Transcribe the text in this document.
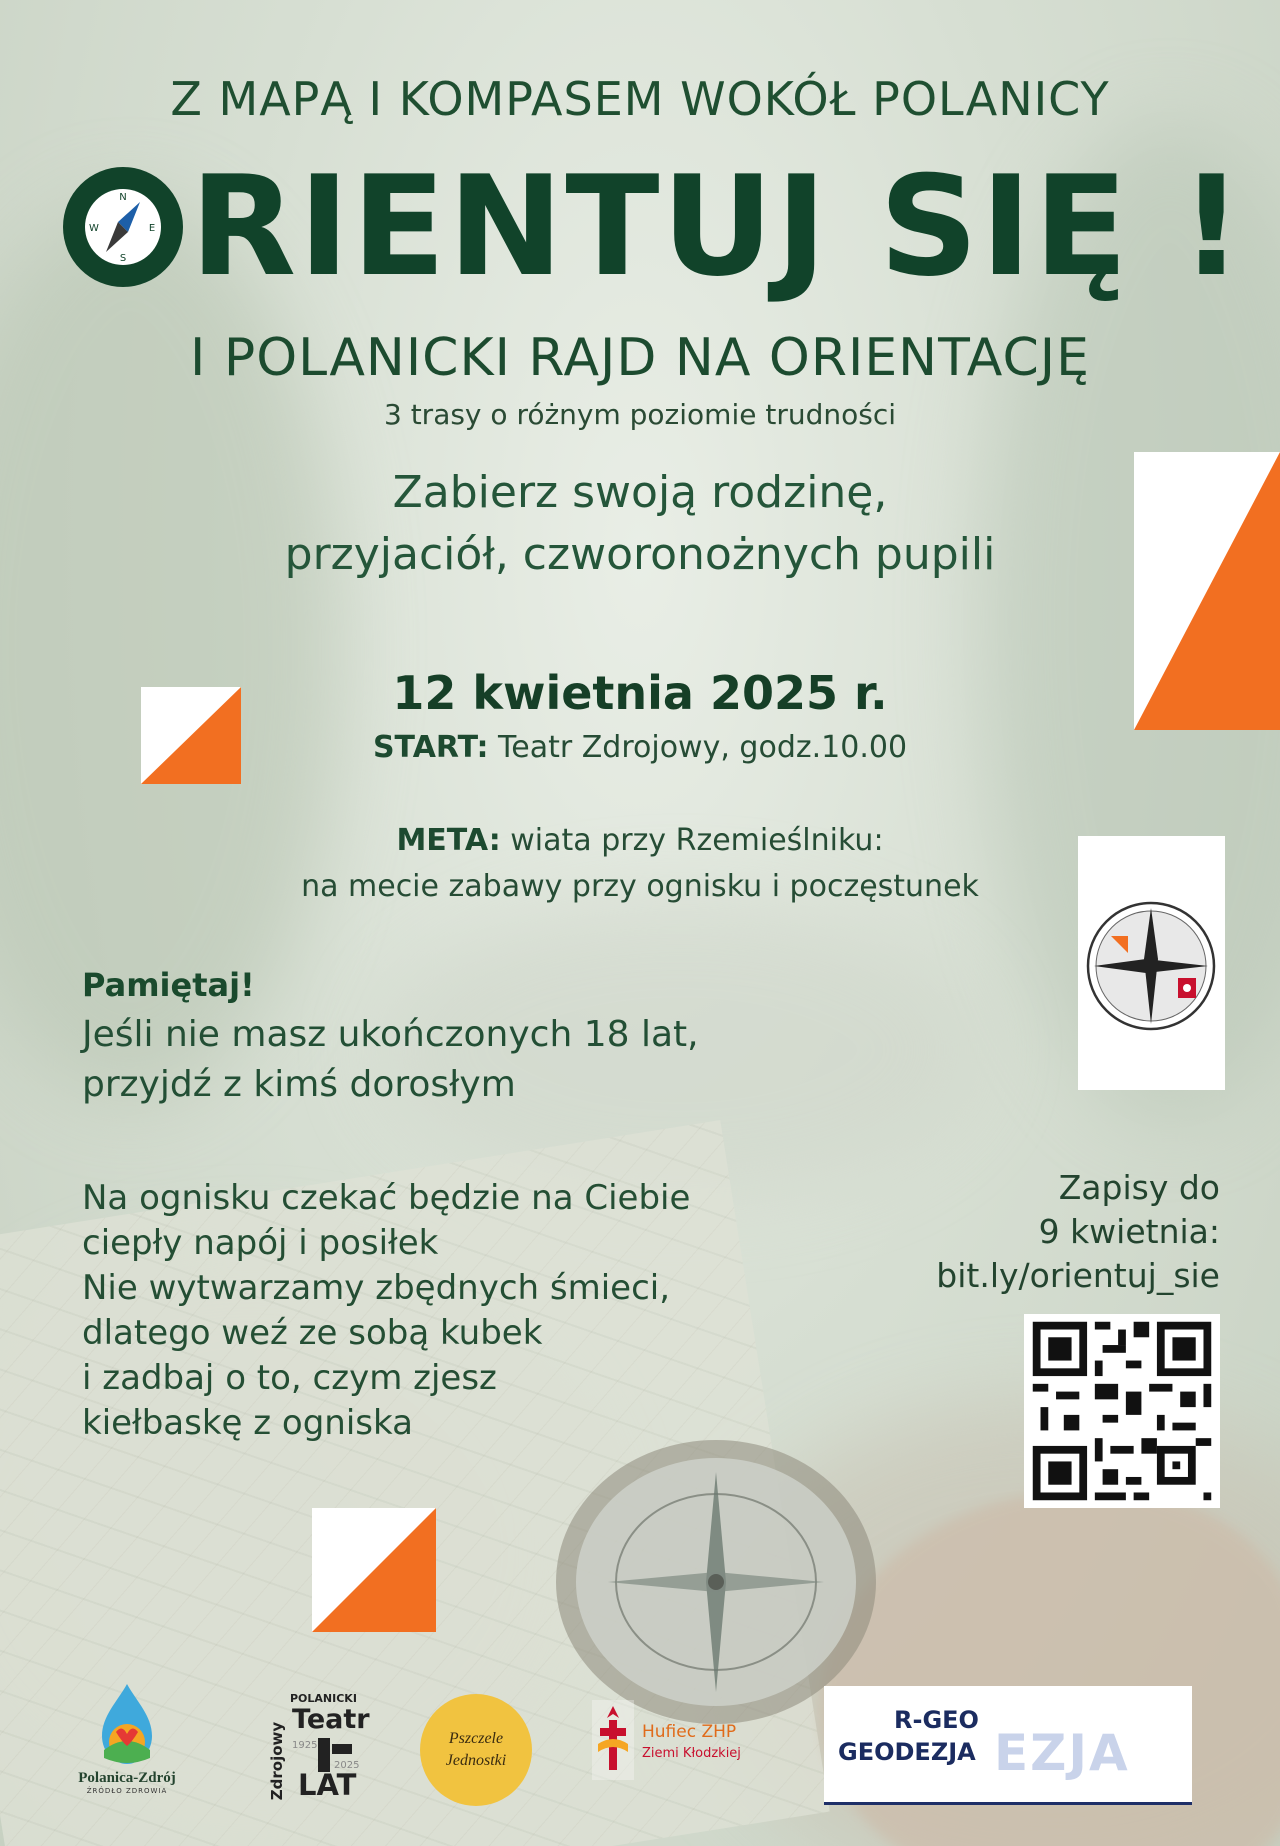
Z MAPĄ I KOMPASEM WOKÓŁ POLANICY
N
E
S
W RIENTUJ SIĘ !
I POLANICKI RAJD NA ORIENTACJĘ
3 trasy o różnym poziomie trudności
Zabierz swoją rodzinę,
przyjaciół, czworonożnych pupili
12 kwietnia 2025 r.
START: Teatr Zdrojowy, godz.10.00
META: wiata przy Rzemieślniku:
na mecie zabawy przy ognisku i poczęstunek
Pamiętaj!
Jeśli nie masz ukończonych 18 lat,
przyjdź z kimś dorosłym
Na ognisku czekać będzie na Ciebie
ciepły napój i posiłek
Nie wytwarzamy zbędnych śmieci,
dlatego weź ze sobą kubek
i zadbaj o to, czym zjesz
kiełbaskę z ogniska
Zapisy do
9 kwietnia:
bit.ly/orientuj_sie
Polanica-Zdrój
ŹRÓDŁO ZDROWIA
POLANICKI
Zdrojowy
Teatr
1925
2025
LAT
Pszczele
Jednostki
Hufiec ZHP
Ziemi Kłodzkiej	EZJA
R-GEO
GEODEZJA
